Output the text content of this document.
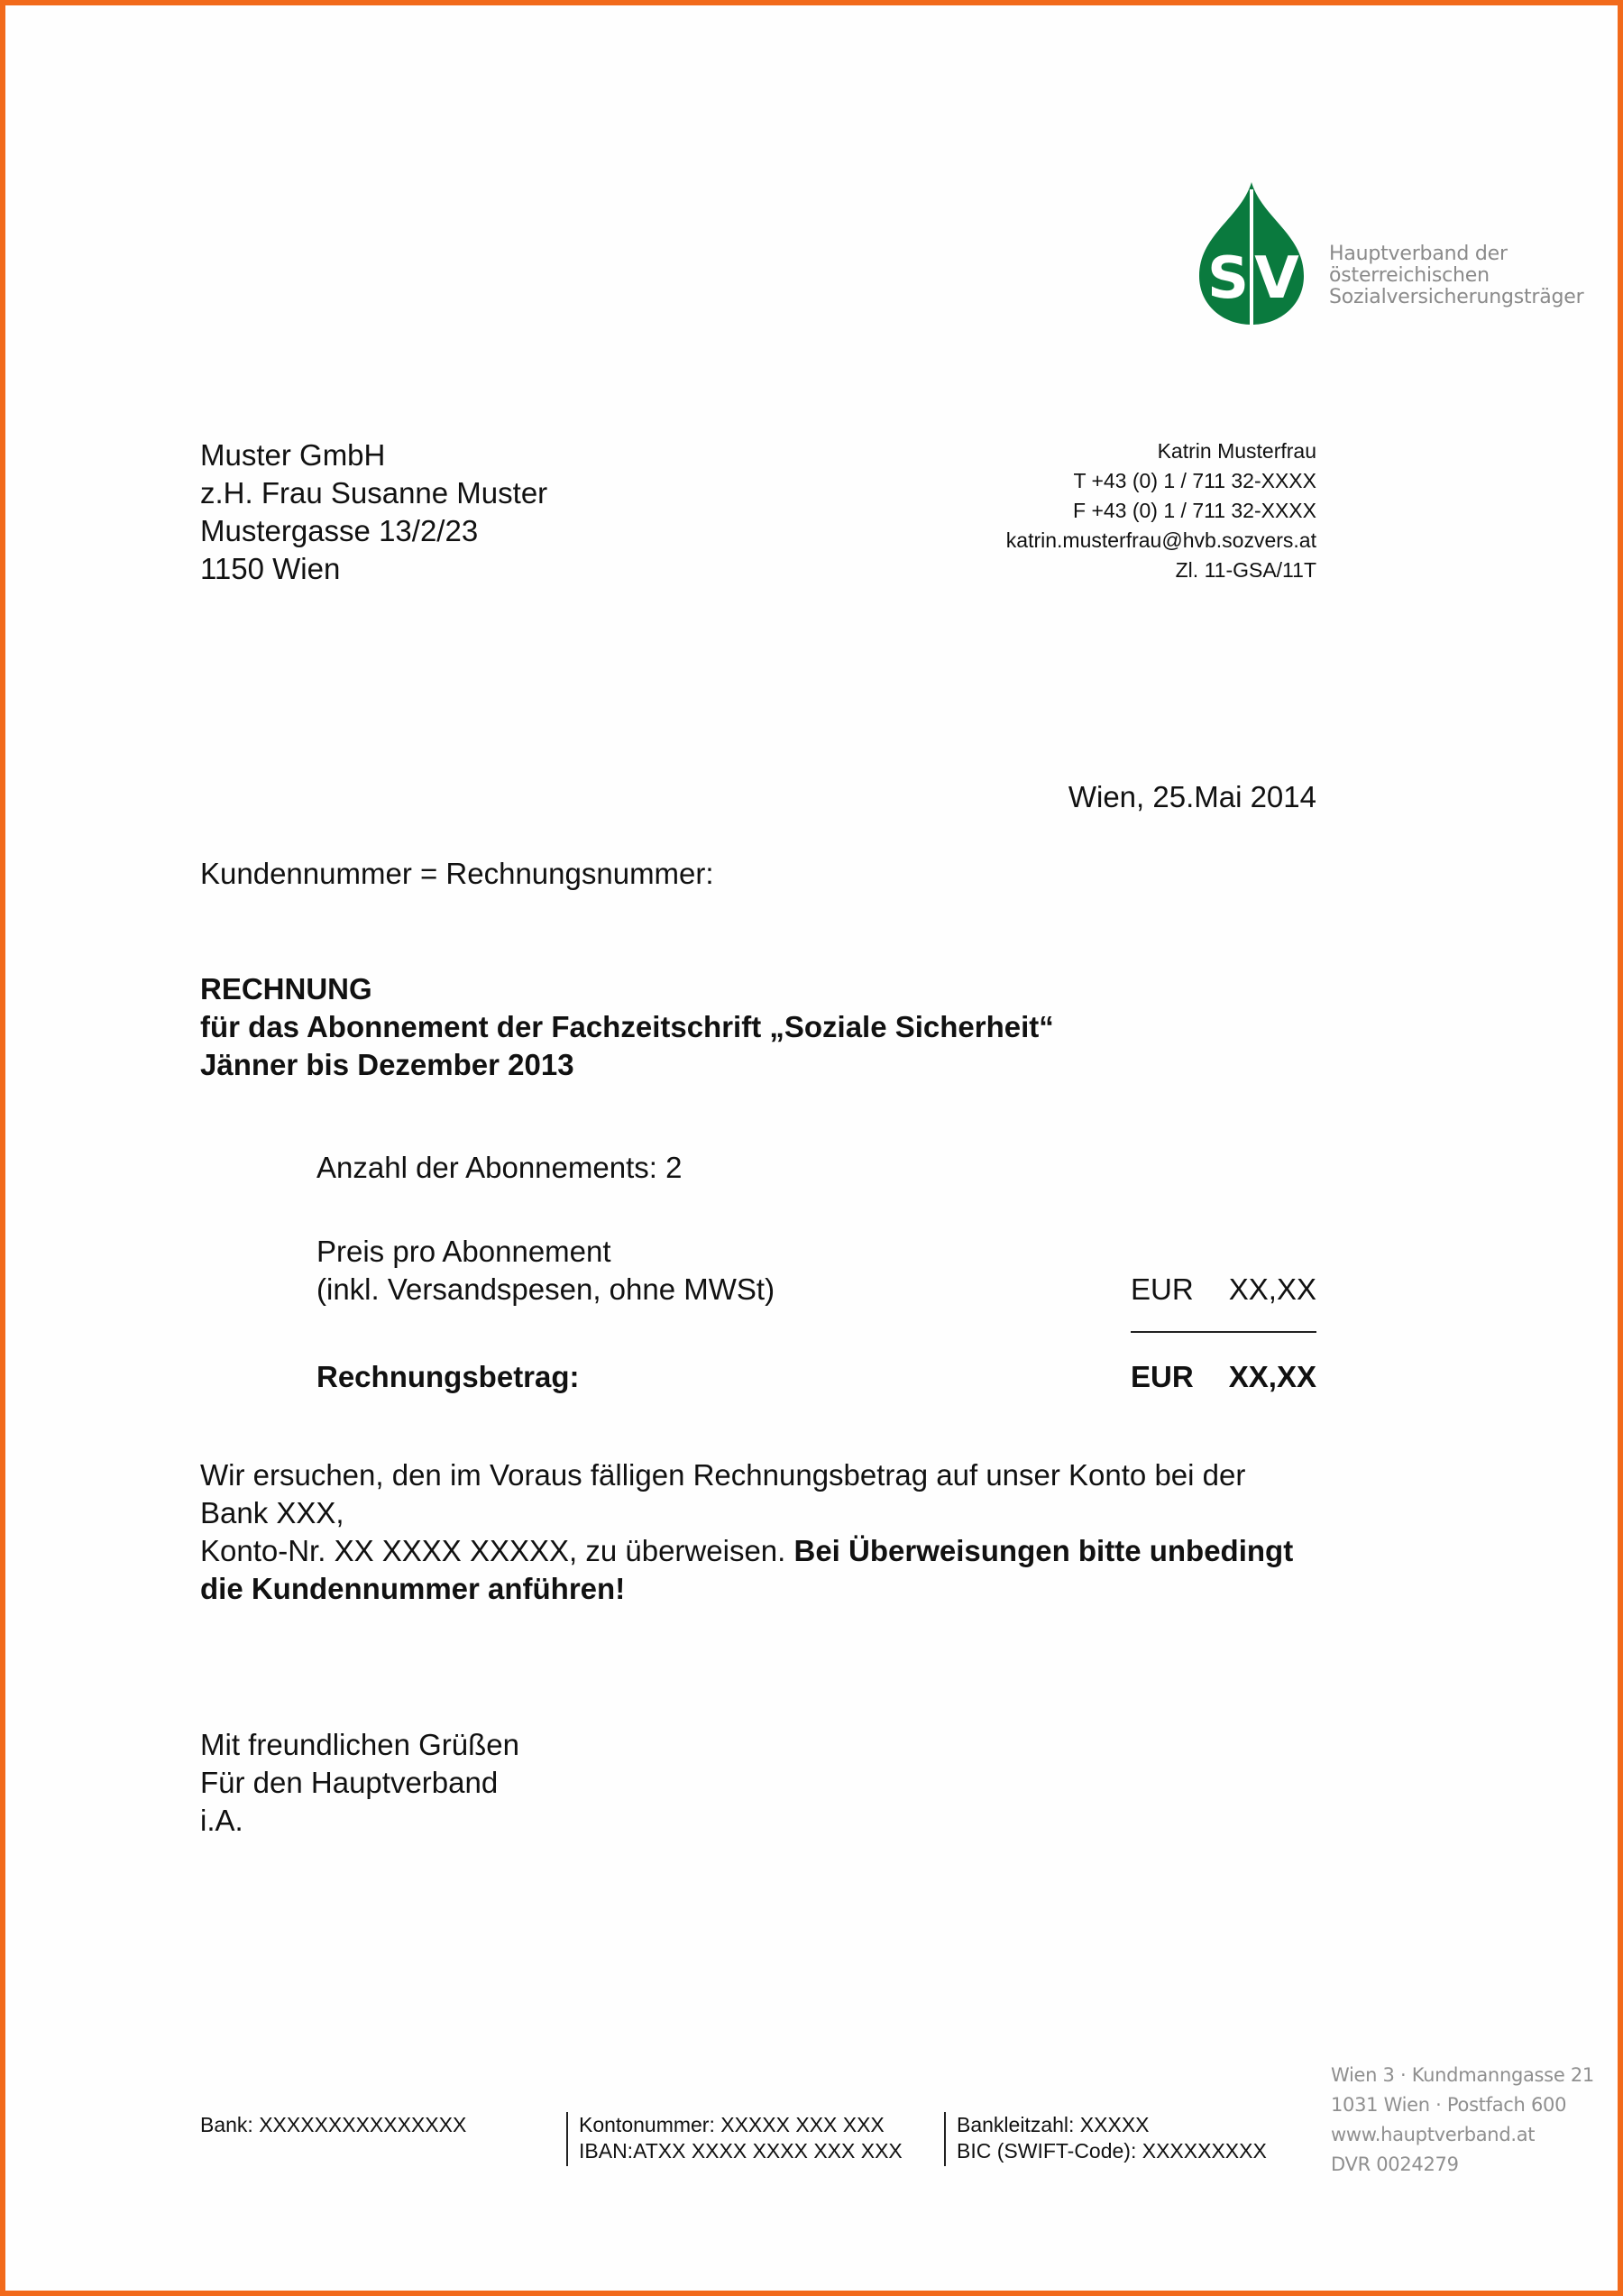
S V Hauptverband der
österreichischen
Sozialversicherungsträger
Muster GmbH
z.H. Frau Susanne Muster
Mustergasse 13/2/23
1150 Wien
Katrin Musterfrau
T +43 (0) 1 / 711 32-XXXX
F +43 (0) 1 / 711 32-XXXX
katrin.musterfrau@hvb.sozvers.at
Zl. 11-GSA/11T
Wien, 25.Mai 2014
Kundennummer = Rechnungsnummer:
RECHNUNG
für das Abonnement der Fachzeitschrift „Soziale Sicherheit“
Jänner bis Dezember 2013
Anzahl der Abonnements: 2
Preis pro Abonnement
(inkl. Versandspesen, ohne MWSt)	EUR XX,XX
Rechnungsbetrag:	EUR XX,XX
Wir ersuchen, den im Voraus fälligen Rechnungsbetrag auf unser Konto bei der
Bank XXX,
Konto-Nr. XX XXXX XXXXX, zu überweisen. Bei Überweisungen bitte unbedingt
die Kundennummer anführen!
Mit freundlichen Grüßen
Für den Hauptverband
i.A.
Bank: XXXXXXXXXXXXXXX	Kontonummer: XXXXX XXX XXX
IBAN:ATXX XXXX XXXX XXX XXX
Bankleitzahl: XXXXX
BIC (SWIFT-Code): XXXXXXXXX
Wien 3 · Kundmanngasse 21
1031 Wien · Postfach 600
www.hauptverband.at
DVR 0024279
